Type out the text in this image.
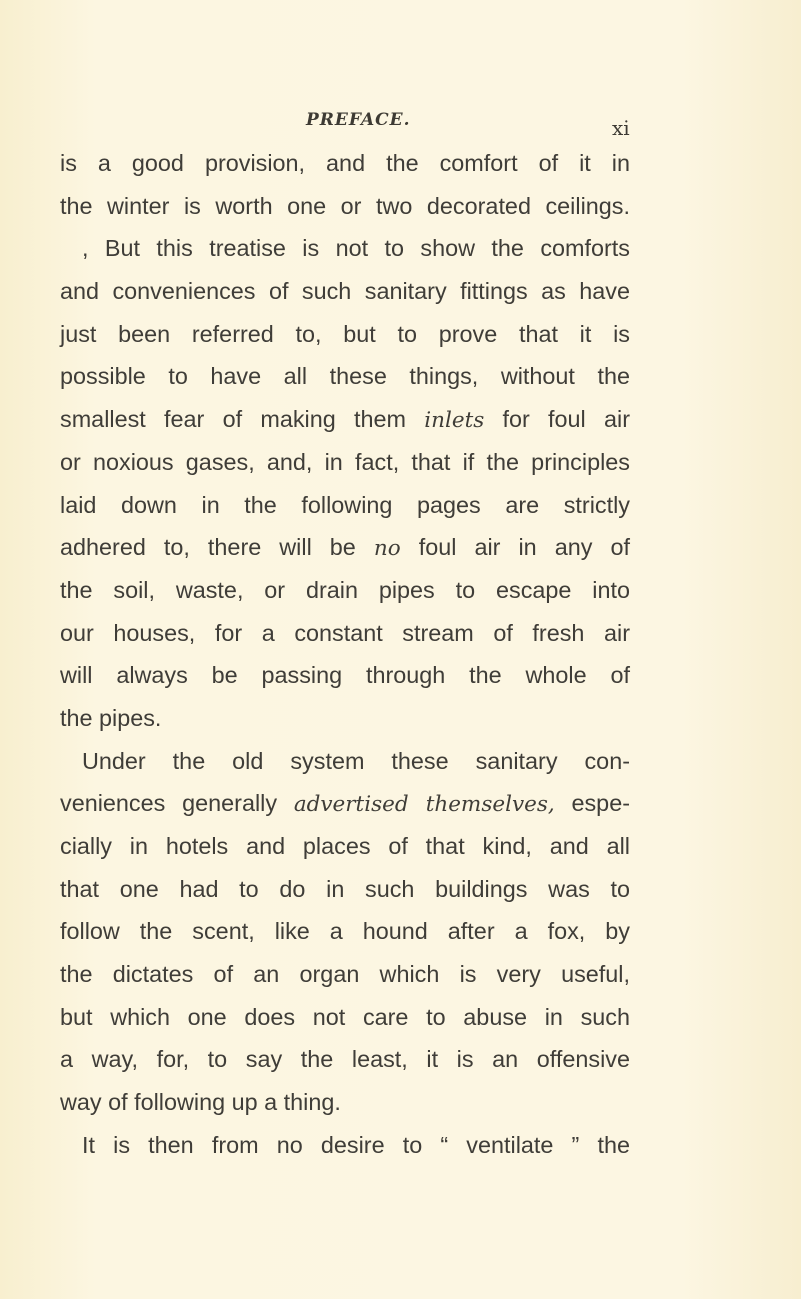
PREFACE.	xi
is a good provision, and the comfort of it in
the winter is worth one or two decorated ceilings.
, But this treatise is not to show the comforts
and conveniences of such sanitary fittings as have
just been referred to, but to prove that it is
possible to have all these things, without the
smallest fear of making them inlets for foul air
or noxious gases, and, in fact, that if the principles
laid down in the following pages are strictly
adhered to, there will be no foul air in any of
the soil, waste, or drain pipes to escape into
our houses, for a constant stream of fresh air
will always be passing through the whole of
the pipes.
Under the old system these sanitary con-
veniences generally advertised themselves, espe-
cially in hotels and places of that kind, and all
that one had to do in such buildings was to
follow the scent, like a hound after a fox, by
the dictates of an organ which is very useful,
but which one does not care to abuse in such
a way, for, to say the least, it is an offensive
way of following up a thing.
It is then from no desire to “ ventilate ” the
